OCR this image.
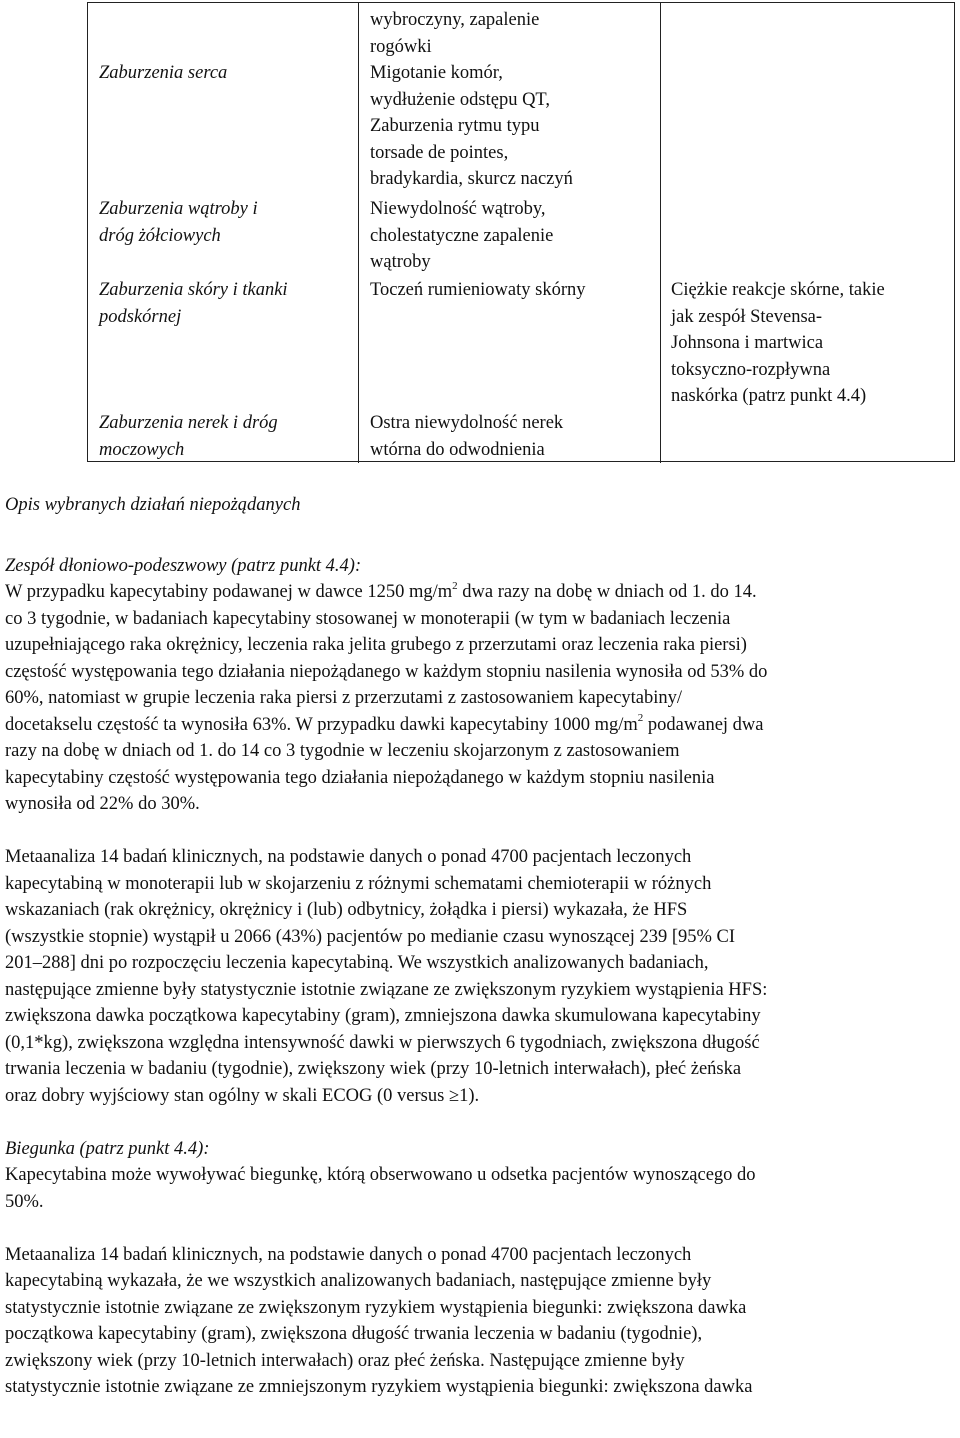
wybroczyny, zapalenie
rogówki
Zaburzenia serca	Migotanie komór,
wydłużenie odstępu QT,
Zaburzenia rytmu typu
torsade de pointes,
bradykardia, skurcz naczyń
Zaburzenia wątroby i
dróg żółciowych
Niewydolność wątroby,
cholestatyczne zapalenie
wątroby
Zaburzenia skóry i tkanki
podskórnej
Toczeń rumieniowaty skórny	Ciężkie reakcje skórne, takie
jak zespół Stevensa-
Johnsona i martwica
toksyczno-rozpływna
naskórka (patrz punkt 4.4)
Zaburzenia nerek i dróg
moczowych
Ostra niewydolność nerek
wtórna do odwodnienia

Opis wybranych działań niepożądanych

Zespół dłoniowo-podeszwowy (patrz punkt 4.4):

W przypadku kapecytabiny podawanej w dawce 1250 $mg/m^2$ dwa razy na dobę w dniach od 1. do 14.
co 3 tygodnie, w badaniach kapecytabiny stosowanej w monoterapii (w tym w badaniach leczenia
uzupełniającego raka okrężnicy, leczenia raka jelita grubego z przerzutami oraz leczenia raka piersi)
częstość występowania tego działania niepożądanego w każdym stopniu nasilenia wynosiła od 53% do
60%, natomiast w grupie leczenia raka piersi z przerzutami z zastosowaniem kapecytabiny/
docetakselu częstość ta wynosiła 63%. W przypadku dawki kapecytabiny 1000 $mg/m^2$ podawanej dwa
razy na dobę w dniach od 1. do 14 co 3 tygodnie w leczeniu skojarzonym z zastosowaniem
kapecytabiny częstość występowania tego działania niepożądanego w każdym stopniu nasilenia
wynosiła od 22% do 30%.
Metaanaliza 14 badań klinicznych, na podstawie danych o ponad 4700 pacjentach leczonych
kapecytabiną w monoterapii lub w skojarzeniu z różnymi schematami chemioterapii w różnych
wskazaniach (rak okrężnicy, okrężnicy i (lub) odbytnicy, żołądka i piersi) wykazała, że HFS
(wszystkie stopnie) wystąpił u 2066 (43%) pacjentów po medianie czasu wynoszącej 239 [95% CI
201–288] dni po rozpoczęciu leczenia kapecytabiną. We wszystkich analizowanych badaniach,
następujące zmienne były statystycznie istotnie związane ze zwiększonym ryzykiem wystąpienia HFS:
zwiększona dawka początkowa kapecytabiny (gram), zmniejszona dawka skumulowana kapecytabiny
(0,1*kg), zwiększona względna intensywność dawki w pierwszych 6 tygodniach, zwiększona długość
trwania leczenia w badaniu (tygodnie), zwiększony wiek (przy 10-letnich interwałach), płeć żeńska
oraz dobry wyjściowy stan ogólny w skali ECOG (0 versus ≥1).

Biegunka (patrz punkt 4.4):

Kapecytabina może wywoływać biegunkę, którą obserwowano u odsetka pacjentów wynoszącego do
50%.
Metaanaliza 14 badań klinicznych, na podstawie danych o ponad 4700 pacjentach leczonych
kapecytabiną wykazała, że we wszystkich analizowanych badaniach, następujące zmienne były
statystycznie istotnie związane ze zwiększonym ryzykiem wystąpienia biegunki: zwiększona dawka
początkowa kapecytabiny (gram), zwiększona długość trwania leczenia w badaniu (tygodnie),
zwiększony wiek (przy 10-letnich interwałach) oraz płeć żeńska. Następujące zmienne były
statystycznie istotnie związane ze zmniejszonym ryzykiem wystąpienia biegunki: zwiększona dawka
